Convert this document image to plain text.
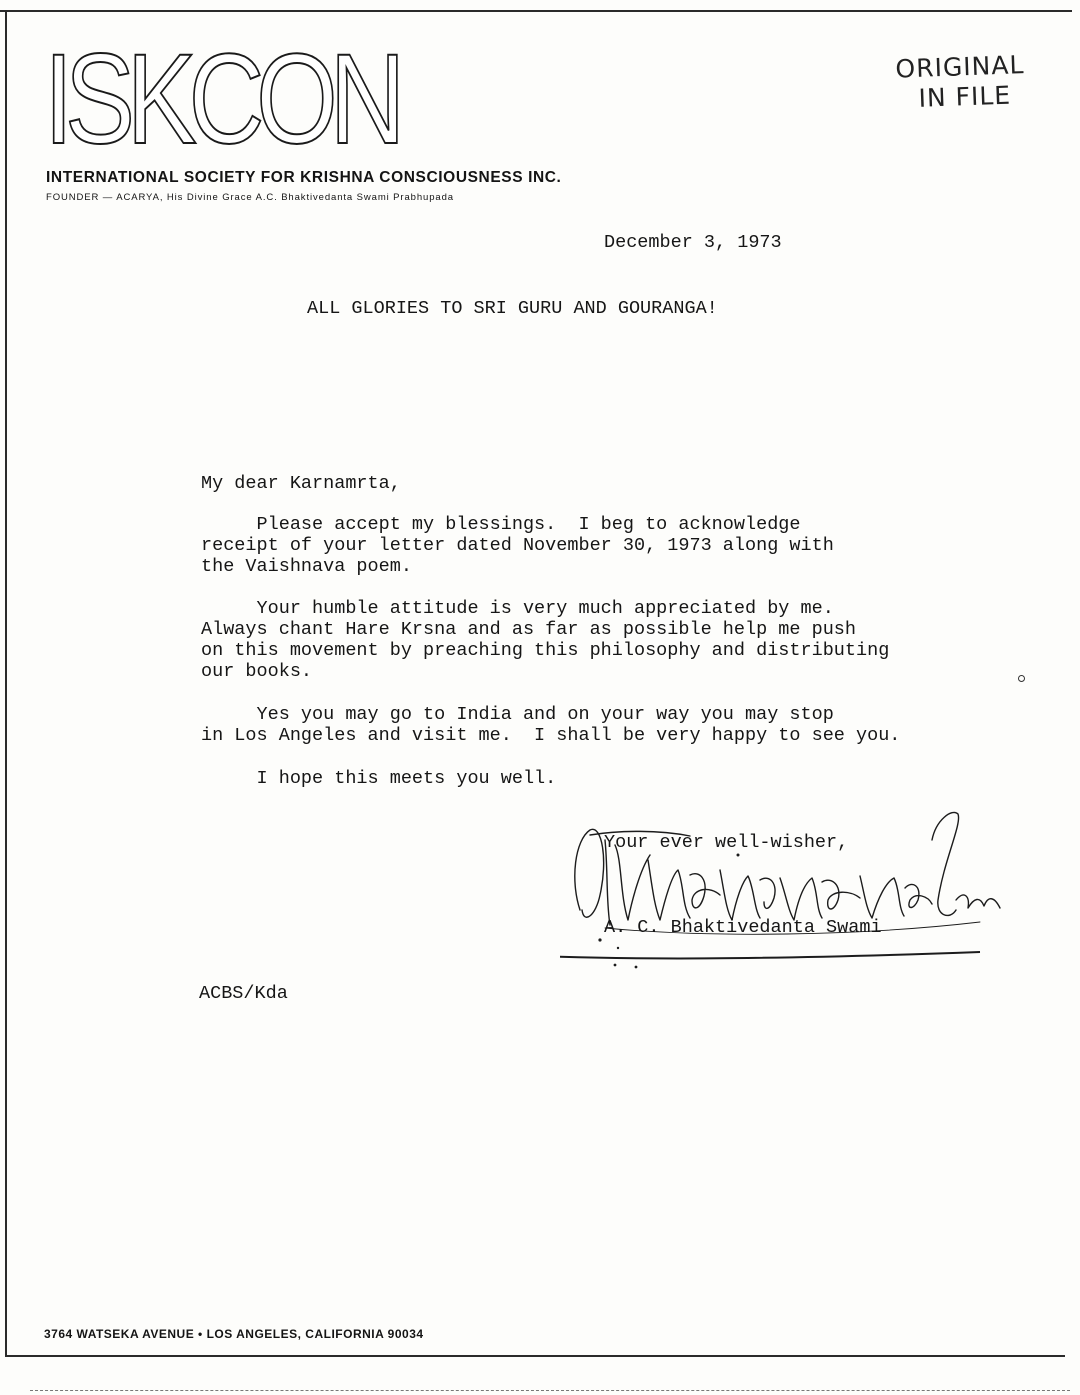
ISKCON
INTERNATIONAL SOCIETY FOR KRISHNA CONSCIOUSNESS INC.
FOUNDER — ACARYA, His Divine Grace A.C. Bhaktivedanta Swami Prabhupada
ORIGINAL
IN FILE
December 3, 1973
ALL GLORIES TO SRI GURU AND GOURANGA!
My dear Karnamrta,
Please accept my blessings.  I beg to acknowledge
receipt of your letter dated November 30, 1973 along with
the Vaishnava poem.
Your humble attitude is very much appreciated by me.
Always chant Hare Krsna and as far as possible help me push
on this movement by preaching this philosophy and distributing
our books.
Yes you may go to India and on your way you may stop
in Los Angeles and visit me.  I shall be very happy to see you.
I hope this meets you well.
Your ever well-wisher,
A. C. Bhaktivedanta Swami
ACBS/Kda
3764 WATSEKA AVENUE • LOS ANGELES, CALIFORNIA 90034
